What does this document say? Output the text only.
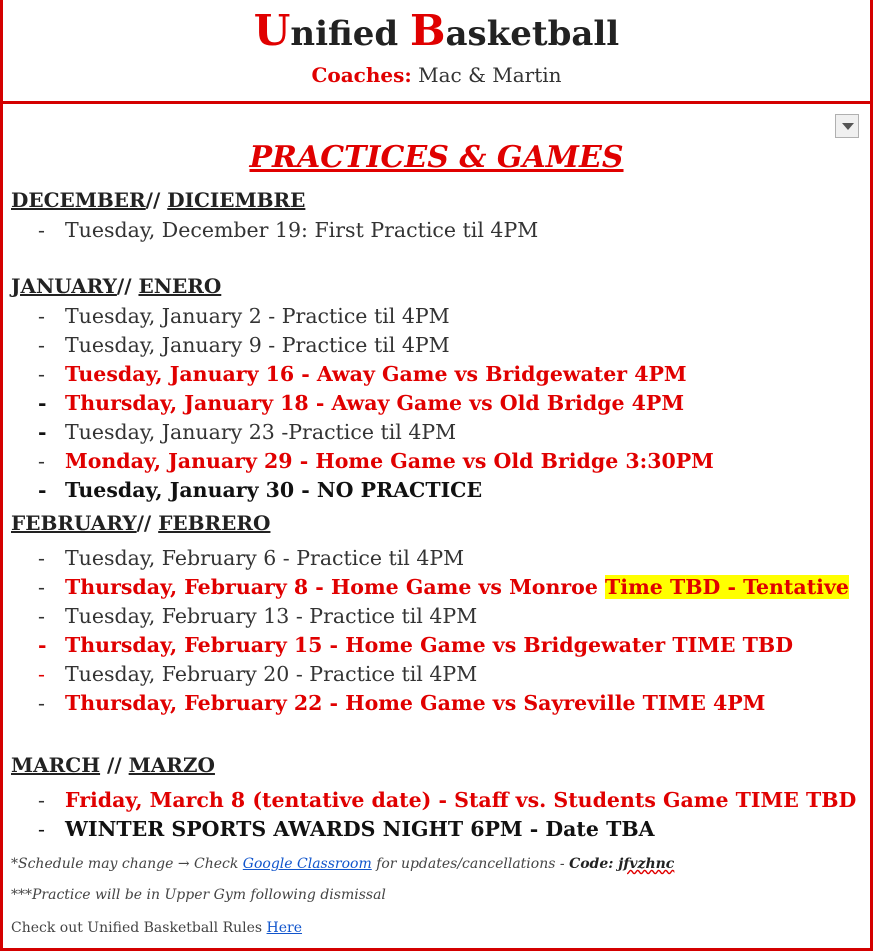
Unified Basketball
Coaches: Mac & Martin
PRACTICES & GAMES
DECEMBER// DICIEMBRE
- Tuesday, December 19: First Practice til 4PM
JANUARY// ENERO
- Tuesday, January 2 - Practice til 4PM
- Tuesday, January 9 - Practice til 4PM
- Tuesday, January 16 - Away Game vs Bridgewater 4PM
- Thursday, January 18 - Away Game vs Old Bridge 4PM
- Tuesday, January 23 -Practice til 4PM
- Monday, January 29 - Home Game vs Old Bridge 3:30PM
- Tuesday, January 30 - NO PRACTICE
FEBRUARY// FEBRERO
- Tuesday, February 6 - Practice til 4PM
- Thursday, February 8 - Home Game vs Monroe Time TBD - Tentative
- Tuesday, February 13 - Practice til 4PM
- Thursday, February 15 - Home Game vs Bridgewater TIME TBD
- Tuesday, February 20 - Practice til 4PM
- Thursday, February 22 - Home Game vs Sayreville TIME 4PM
MARCH // MARZO
- Friday, March 8 (tentative date) - Staff vs. Students Game TIME TBD
- WINTER SPORTS AWARDS NIGHT 6PM - Date TBA
*Schedule may change → Check Google Classroom for updates/cancellations - Code: jfvzhnc
***Practice will be in Upper Gym following dismissal
Check out Unified Basketball Rules Here
